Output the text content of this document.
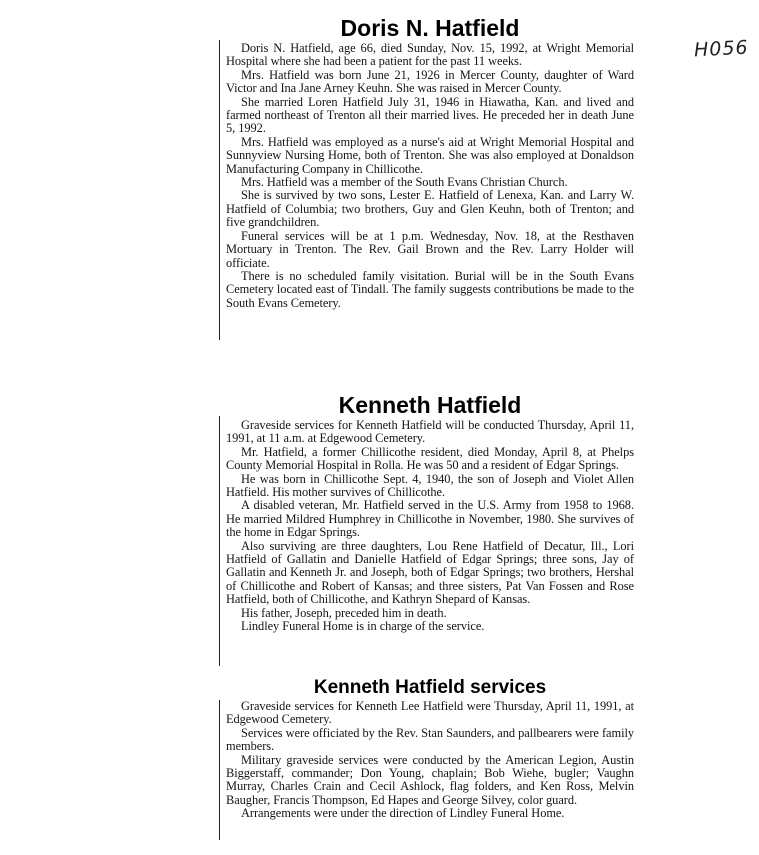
H056
Doris N. Hatfield

Doris N. Hatfield, age 66, died Sunday, Nov. 15, 1992, at Wright Memorial Hospital where she had been a patient for the past 11 weeks.

Mrs. Hatfield was born June 21, 1926 in Mercer County, daughter of Ward Victor and Ina Jane Arney Keuhn. She was raised in Mercer County.

She married Loren Hatfield July 31, 1946 in Hiawatha, Kan. and lived and farmed northeast of Trenton all their married lives. He preceded her in death June 5, 1992.

Mrs. Hatfield was employed as a nurse's aid at Wright Memorial Hospital and Sunnyview Nursing Home, both of Trenton. She was also employed at Donaldson Manufacturing Company in Chillicothe.

Mrs. Hatfield was a member of the South Evans Christian Church.

She is survived by two sons, Lester E. Hatfield of Lenexa, Kan. and Larry W. Hatfield of Columbia; two brothers, Guy and Glen Keuhn, both of Trenton; and five grandchildren.

Funeral services will be at 1 p.m. Wednesday, Nov. 18, at the Resthaven Mortuary in Trenton. The Rev. Gail Brown and the Rev. Larry Holder will officiate.

There is no scheduled family visitation. Burial will be in the South Evans Cemetery located east of Tindall. The family suggests contributions be made to the South Evans Cemetery.

Kenneth Hatfield

Graveside services for Kenneth Hatfield will be conducted Thursday, April 11, 1991, at 11 a.m. at Edgewood Cemetery.

Mr. Hatfield, a former Chillicothe resident, died Monday, April 8, at Phelps County Memorial Hospital in Rolla. He was 50 and a resident of Edgar Springs.

He was born in Chillicothe Sept. 4, 1940, the son of Joseph and Violet Allen Hatfield. His mother survives of Chillicothe.

A disabled veteran, Mr. Hatfield served in the U.S. Army from 1958 to 1968. He married Mildred Humphrey in Chillicothe in November, 1980. She survives of the home in Edgar Springs.

Also surviving are three daughters, Lou Rene Hatfield of Decatur, Ill., Lori Hatfield of Gallatin and Danielle Hatfield of Edgar Springs; three sons, Jay of Gallatin and Kenneth Jr. and Joseph, both of Edgar Springs; two brothers, Hershal of Chillicothe and Robert of Kansas; and three sisters, Pat Van Fossen and Rose Hatfield, both of Chillicothe, and Kathryn Shepard of Kansas.

His father, Joseph, preceded him in death.

Lindley Funeral Home is in charge of the service.

Kenneth Hatfield services

Graveside services for Kenneth Lee Hatfield were Thursday, April 11, 1991, at Edgewood Cemetery.

Services were officiated by the Rev. Stan Saunders, and pallbearers were family members.

Military graveside services were conducted by the American Legion, Austin Biggerstaff, commander; Don Young, chaplain; Bob Wiehe, bugler; Vaughn Murray, Charles Crain and Cecil Ashlock, flag folders, and Ken Ross, Melvin Baugher, Francis Thompson, Ed Hapes and George Silvey, color guard.

Arrangements were under the direction of Lindley Funeral Home.
